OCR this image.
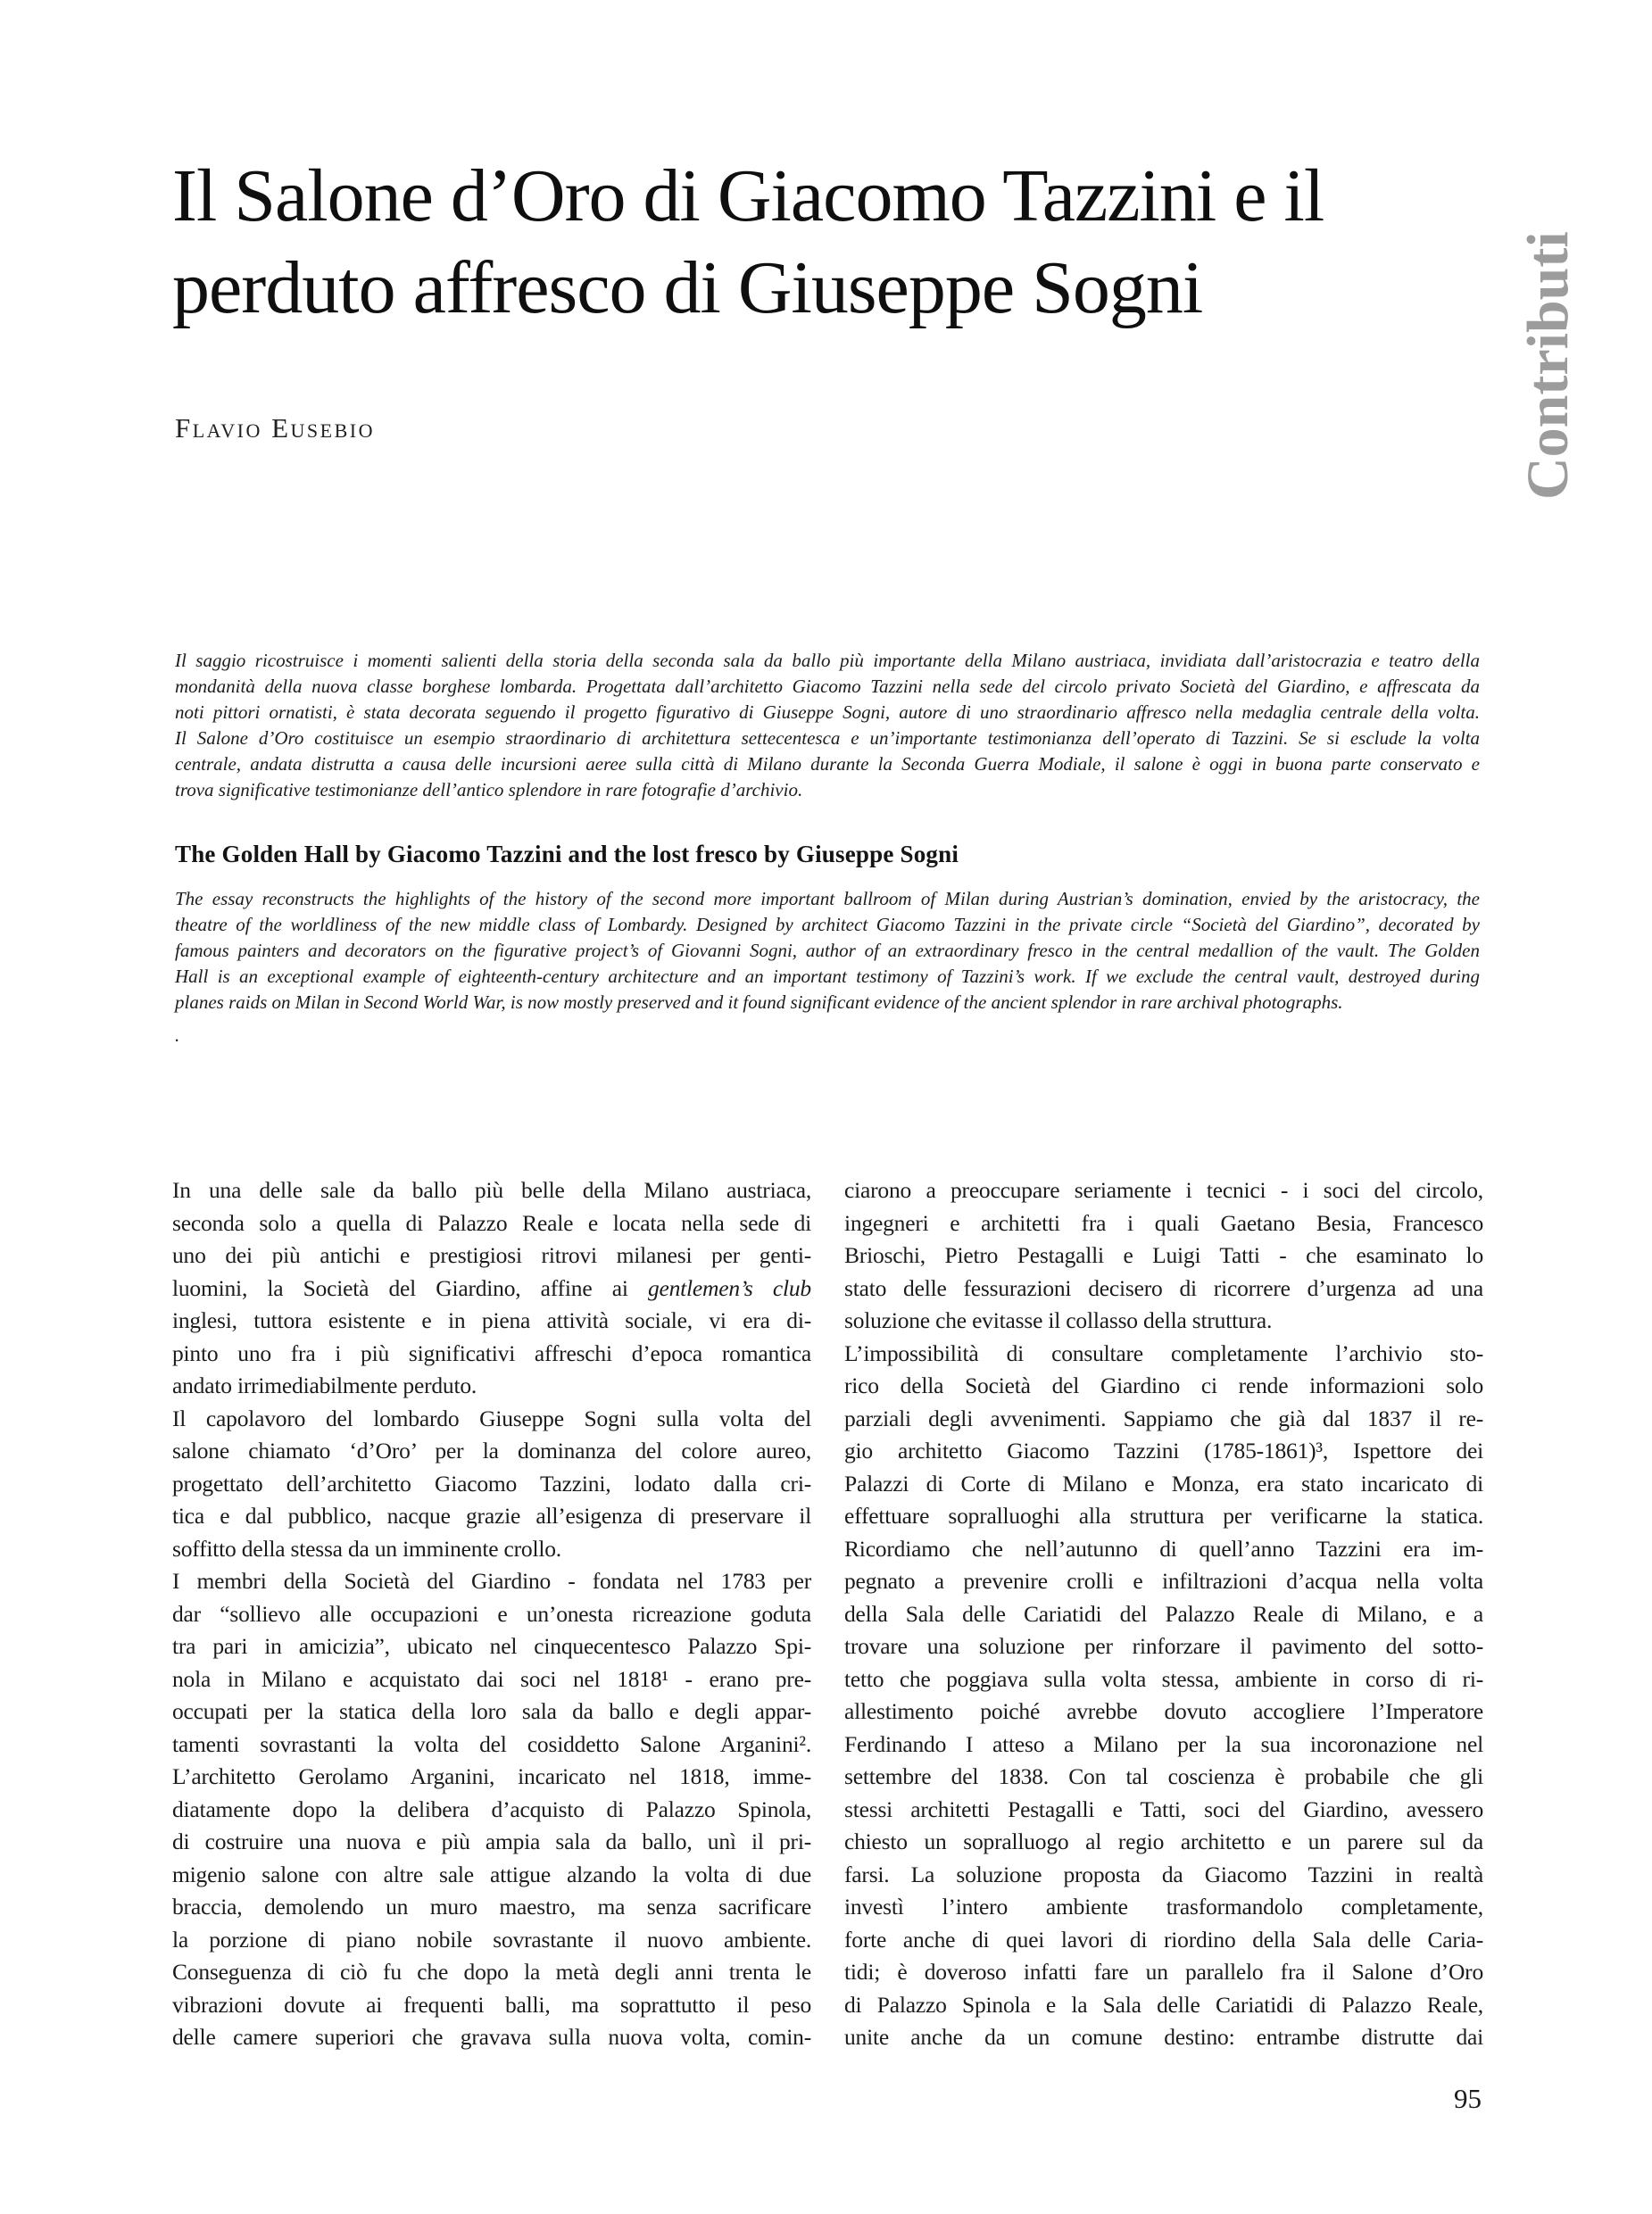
Il Salone d’Oro di Giacomo Tazzini e il
perduto affresco di Giuseppe Sogni
Flavio Eusebio	Contributi
Il saggio ricostruisce i momenti salienti della storia della seconda sala da ballo più importante della Milano austriaca, invidiata dall’aristocrazia e teatro della
mondanità della nuova classe borghese lombarda. Progettata dall’architetto Giacomo Tazzini nella sede del circolo privato Società del Giardino, e affrescata da
noti pittori ornatisti, è stata decorata seguendo il progetto figurativo di Giuseppe Sogni, autore di uno straordinario affresco nella medaglia centrale della volta.
Il Salone d’Oro costituisce un esempio straordinario di architettura settecentesca e un’importante testimonianza dell’operato di Tazzini. Se si esclude la volta
centrale, andata distrutta a causa delle incursioni aeree sulla città di Milano durante la Seconda Guerra Modiale, il salone è oggi in buona parte conservato e
trova significative testimonianze dell’antico splendore in rare fotografie d’archivio.
The Golden Hall by Giacomo Tazzini and the lost fresco by Giuseppe Sogni
The essay reconstructs the highlights of the history of the second more important ballroom of Milan during Austrian’s domination, envied by the aristocracy, the
theatre of the worldliness of the new middle class of Lombardy. Designed by architect Giacomo Tazzini in the private circle “Società del Giardino”, decorated by
famous painters and decorators on the figurative project’s of Giovanni Sogni, author of an extraordinary fresco in the central medallion of the vault. The Golden
Hall is an exceptional example of eighteenth-century architecture and an important testimony of Tazzini’s work. If we exclude the central vault, destroyed during
planes raids on Milan in Second World War, is now mostly preserved and it found significant evidence of the ancient splendor in rare archival photographs.
.
In una delle sale da ballo più belle della Milano austriaca,
seconda solo a quella di Palazzo Reale e locata nella sede di
uno dei più antichi e prestigiosi ritrovi milanesi per genti-
luomini, la Società del Giardino, affine ai gentlemen’s club
inglesi, tuttora esistente e in piena attività sociale, vi era di-
pinto uno fra i più significativi affreschi d’epoca romantica
andato irrimediabilmente perduto.
Il capolavoro del lombardo Giuseppe Sogni sulla volta del
salone chiamato ‘d’Oro’ per la dominanza del colore aureo,
progettato dell’architetto Giacomo Tazzini, lodato dalla cri-
tica e dal pubblico, nacque grazie all’esigenza di preservare il
soffitto della stessa da un imminente crollo.
I membri della Società del Giardino - fondata nel 1783 per
dar “sollievo alle occupazioni e un’onesta ricreazione goduta
tra pari in amicizia”, ubicato nel cinquecentesco Palazzo Spi-
nola in Milano e acquistato dai soci nel 1818¹ - erano pre-
occupati per la statica della loro sala da ballo e degli appar-
tamenti sovrastanti la volta del cosiddetto Salone Arganini².
L’architetto Gerolamo Arganini, incaricato nel 1818, imme-
diatamente dopo la delibera d’acquisto di Palazzo Spinola,
di costruire una nuova e più ampia sala da ballo, unì il pri-
migenio salone con altre sale attigue alzando la volta di due
braccia, demolendo un muro maestro, ma senza sacrificare
la porzione di piano nobile sovrastante il nuovo ambiente.
Conseguenza di ciò fu che dopo la metà degli anni trenta le
vibrazioni dovute ai frequenti balli, ma soprattutto il peso
delle camere superiori che gravava sulla nuova volta, comin-
ciarono a preoccupare seriamente i tecnici - i soci del circolo,
ingegneri e architetti fra i quali Gaetano Besia, Francesco
Brioschi, Pietro Pestagalli e Luigi Tatti - che esaminato lo
stato delle fessurazioni decisero di ricorrere d’urgenza ad una
soluzione che evitasse il collasso della struttura.
L’impossibilità di consultare completamente l’archivio sto-
rico della Società del Giardino ci rende informazioni solo
parziali degli avvenimenti. Sappiamo che già dal 1837 il re-
gio architetto Giacomo Tazzini (1785-1861)³, Ispettore dei
Palazzi di Corte di Milano e Monza, era stato incaricato di
effettuare sopralluoghi alla struttura per verificarne la statica.
Ricordiamo che nell’autunno di quell’anno Tazzini era im-
pegnato a prevenire crolli e infiltrazioni d’acqua nella volta
della Sala delle Cariatidi del Palazzo Reale di Milano, e a
trovare una soluzione per rinforzare il pavimento del sotto-
tetto che poggiava sulla volta stessa, ambiente in corso di ri-
allestimento poiché avrebbe dovuto accogliere l’Imperatore
Ferdinando I atteso a Milano per la sua incoronazione nel
settembre del 1838. Con tal coscienza è probabile che gli
stessi architetti Pestagalli e Tatti, soci del Giardino, avessero
chiesto un sopralluogo al regio architetto e un parere sul da
farsi. La soluzione proposta da Giacomo Tazzini in realtà
investì l’intero ambiente trasformandolo completamente,
forte anche di quei lavori di riordino della Sala delle Caria-
tidi; è doveroso infatti fare un parallelo fra il Salone d’Oro
di Palazzo Spinola e la Sala delle Cariatidi di Palazzo Reale,
unite anche da un comune destino: entrambe distrutte dai
95
